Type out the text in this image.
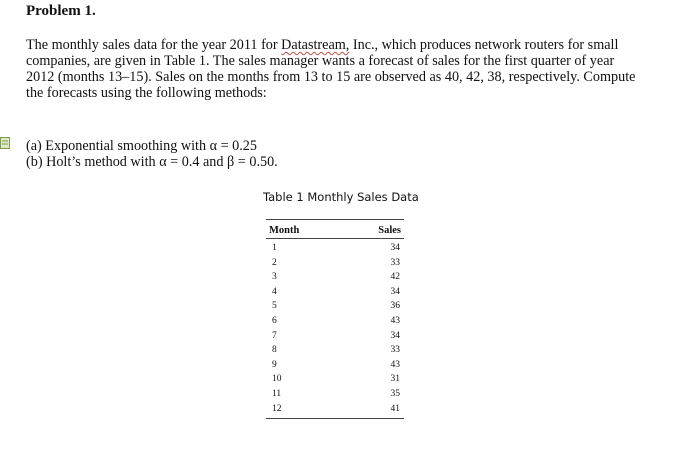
Problem 1.
The monthly sales data for the year 2011 for Datastream, Inc., which produces network routers for small
companies, are given in Table 1. The sales manager wants a forecast of sales for the first quarter of year
2012 (months 13–15). Sales on the months from 13 to 15 are observed as 40, 42, 38, respectively. Compute
the forecasts using the following methods:
(a) Exponential smoothing with α = 0.25
(b) Holt’s method with α = 0.4 and β = 0.50.
Table 1 Monthly Sales Data
Month	Sales
1	34
2	33
3	42
4	34
5	36
6	43
7	34
8	33
9	43
10	31
11	35
12	41
